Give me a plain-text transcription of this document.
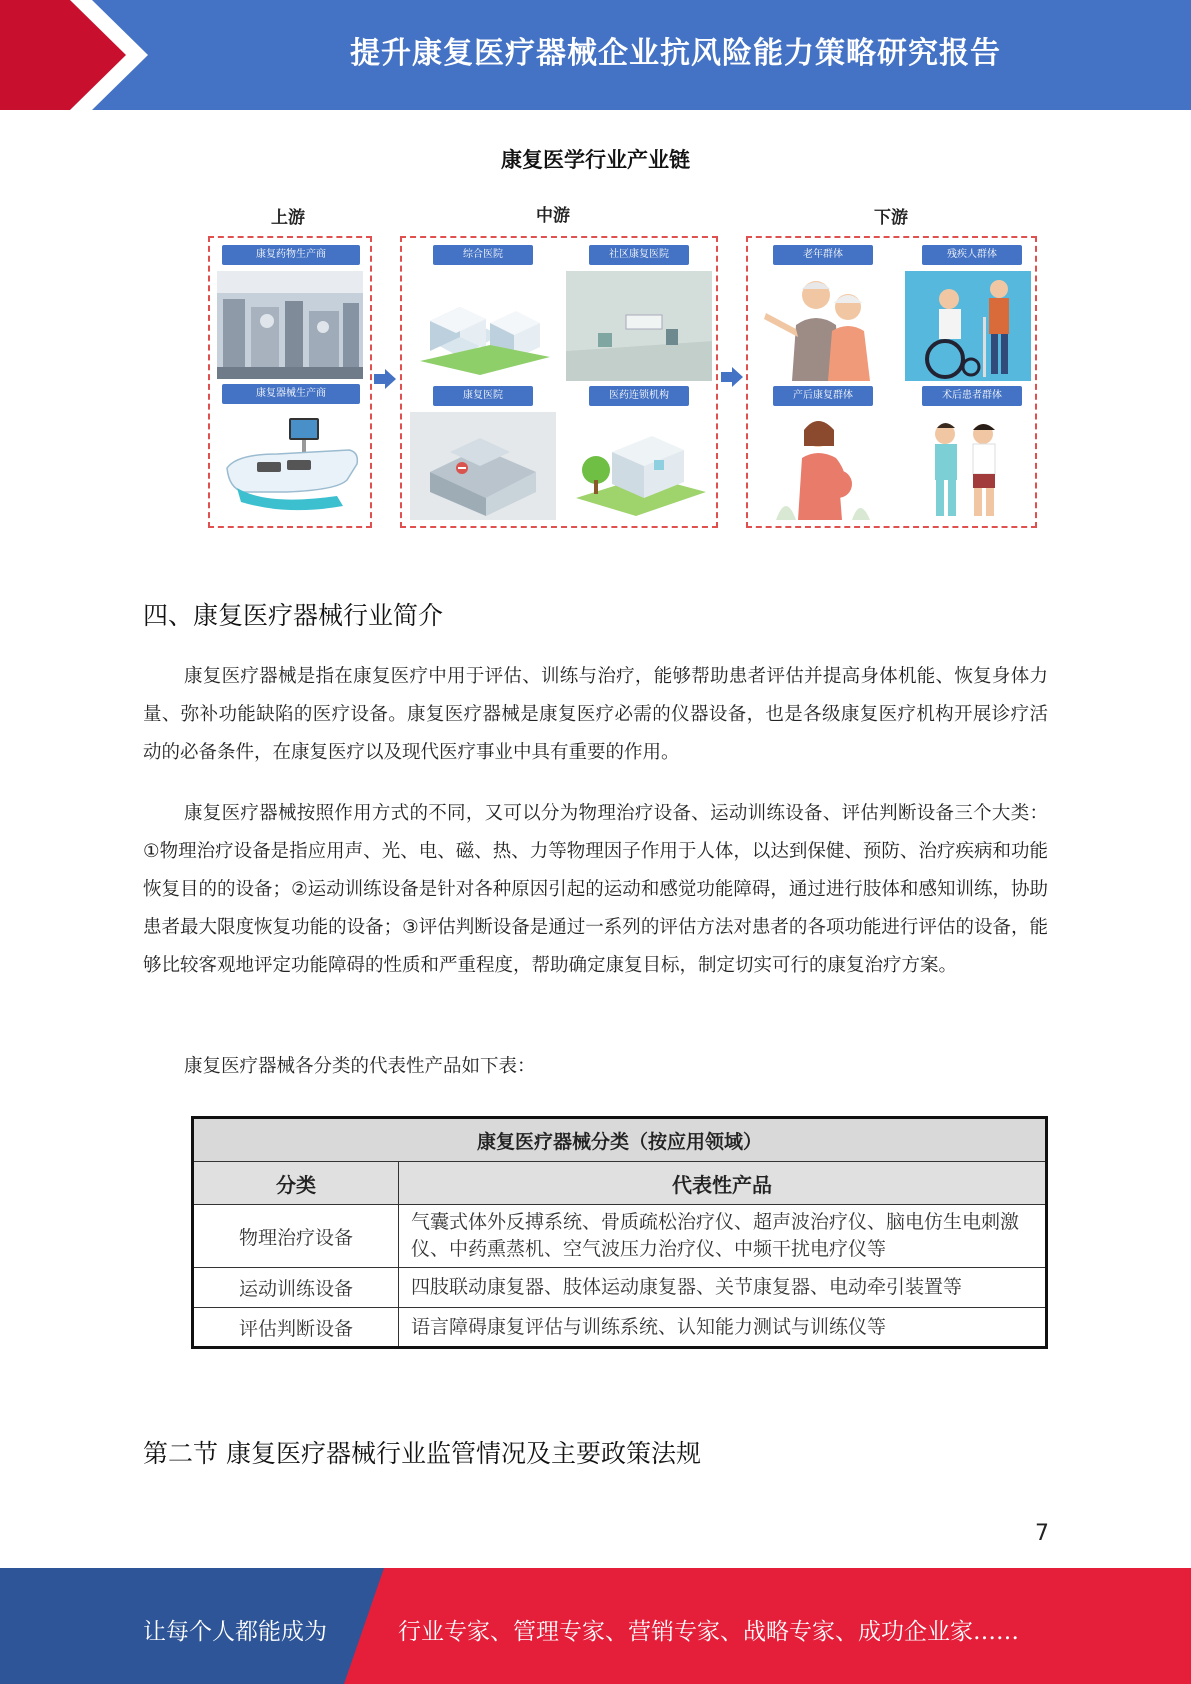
提升康复医疗器械企业抗风险能力策略研究报告
康复医学行业产业链
上游	中游	下游
康复药物生产商
康复器械生产商
综合医院	社区康复医院
康复医院	医药连锁机构
老年群体	残疾人群体
产后康复群体	术后患者群体
四、康复医疗器械行业简介

康复医疗器械是指在康复医疗中用于评估、训练与治疗，能够帮助患者评估并提高身体机能、恢复身体力量、弥补功能缺陷的医疗设备。康复医疗器械是康复医疗必需的仪器设备，也是各级康复医疗机构开展诊疗活动的必备条件，在康复医疗以及现代医疗事业中具有重要的作用。

康复医疗器械按照作用方式的不同，又可以分为物理治疗设备、运动训练设备、评估判断设备三个大类：①物理治疗设备是指应用声、光、电、磁、热、力等物理因子作用于人体，以达到保健、预防、治疗疾病和功能恢复目的的设备；②运动训练设备是针对各种原因引起的运动和感觉功能障碍，通过进行肢体和感知训练，协助患者最大限度恢复功能的设备；③评估判断设备是通过一系列的评估方法对患者的各项功能进行评估的设备，能够比较客观地评定功能障碍的性质和严重程度，帮助确定康复目标，制定切实可行的康复治疗方案。

康复医疗器械各分类的代表性产品如下表：

康复医疗器械分类（按应用领域）	
分类	代表性产品
物理治疗设备	气囊式体外反搏系统、骨质疏松治疗仪、超声波治疗仪、脑电仿生电刺激仪、中药熏蒸机、空气波压力治疗仪、中频干扰电疗仪等
运动训练设备	四肢联动康复器、肢体运动康复器、关节康复器、电动牵引装置等
评估判断设备	语言障碍康复评估与训练系统、认知能力测试与训练仪等
第二节 康复医疗器械行业监管情况及主要政策法规
7
让每个人都能成为	行业专家、管理专家、营销专家、战略专家、成功企业家……
